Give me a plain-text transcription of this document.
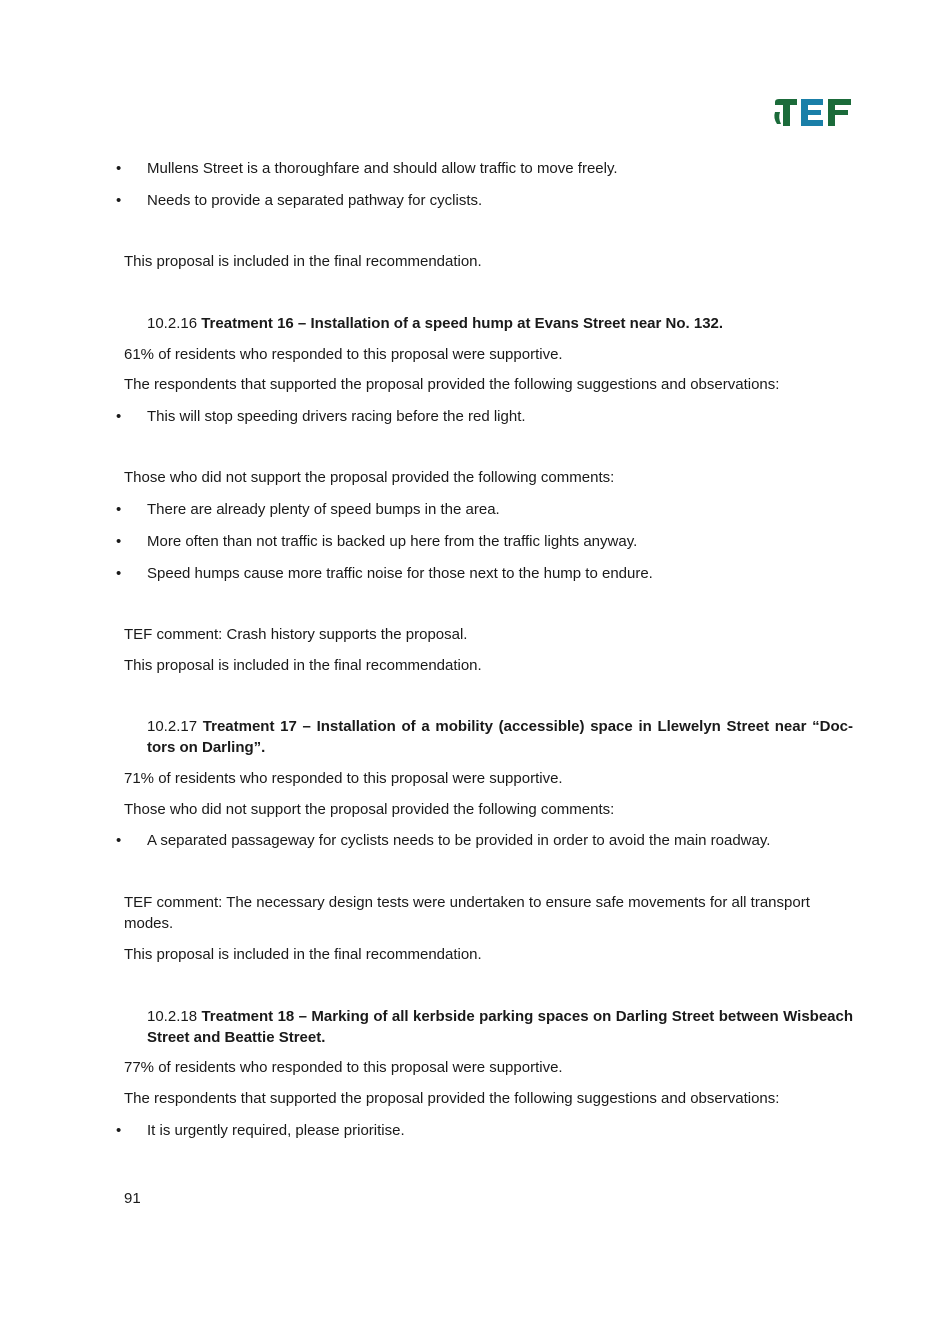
•	Mullens Street is a thoroughfare and should allow traffic to move freely.
•	Needs to provide a separated pathway for cyclists.
This proposal is included in the final recommendation.
10.2.16 Treatment 16 – Installation of a speed hump at Evans Street near No. 132.
61% of residents who responded to this proposal were supportive.
The respondents that supported the proposal provided the following suggestions and observations:
•	This will stop speeding drivers racing before the red light.
Those who did not support the proposal provided the following comments:
•	There are already plenty of speed bumps in the area.
•	More often than not traffic is backed up here from the traffic lights anyway.
•	Speed humps cause more traffic noise for those next to the hump to endure.
TEF comment: Crash history supports the proposal.
This proposal is included in the final recommendation.
10.2.17 Treatment 17 – Installation of a mobility (accessible) space in Llewelyn Street near “Doc-tors on Darling”.
71% of residents who responded to this proposal were supportive.
Those who did not support the proposal provided the following comments:
•	A separated passageway for cyclists needs to be provided in order to avoid the main roadway.
TEF comment: The necessary design tests were undertaken to ensure safe movements for all transport modes.
This proposal is included in the final recommendation.
10.2.18 Treatment 18 – Marking of all kerbside parking spaces on Darling Street between Wisbeach Street and Beattie Street.
77% of residents who responded to this proposal were supportive.
The respondents that supported the proposal provided the following suggestions and observations:
•	It is urgently required, please prioritise.
91
